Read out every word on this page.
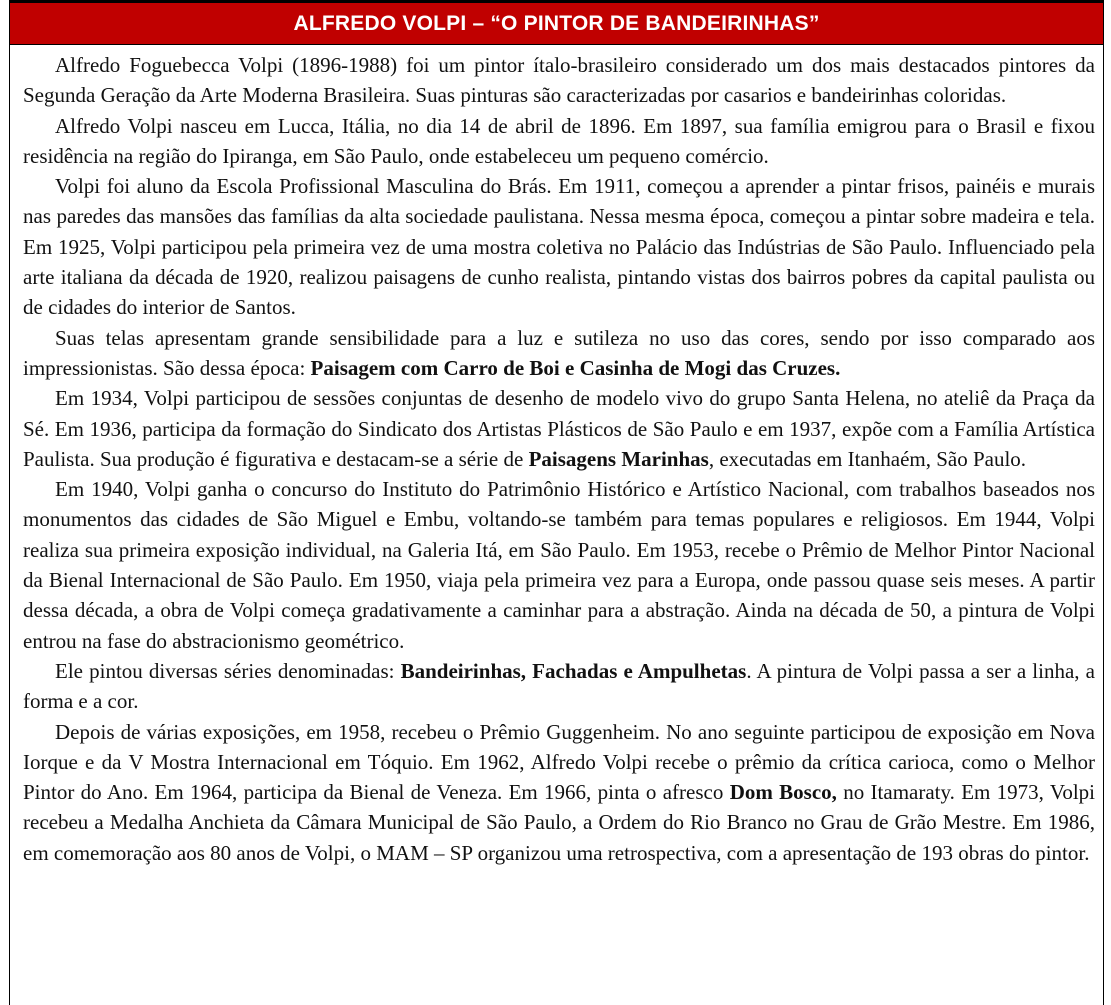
ALFREDO VOLPI – “O PINTOR DE BANDEIRINHAS”

Alfredo Foguebecca Volpi (1896-1988) foi um pintor ítalo-brasileiro considerado um dos mais destacados pintores da Segunda Geração da Arte Moderna Brasileira. Suas pinturas são caracterizadas por casarios e bandeirinhas coloridas.

Alfredo Volpi nasceu em Lucca, Itália, no dia 14 de abril de 1896. Em 1897, sua família emigrou para o Brasil e fixou residência na região do Ipiranga, em São Paulo, onde estabeleceu um pequeno comércio.

Volpi foi aluno da Escola Profissional Masculina do Brás. Em 1911, começou a aprender a pintar frisos, painéis e murais nas paredes das mansões das famílias da alta sociedade paulistana. Nessa mesma época, começou a pintar sobre madeira e tela. Em 1925, Volpi participou pela primeira vez de uma mostra coletiva no Palácio das Indústrias de São Paulo. Influenciado pela arte italiana da década de 1920, realizou paisagens de cunho realista, pintando vistas dos bairros pobres da capital paulista ou de cidades do interior de Santos.

Suas telas apresentam grande sensibilidade para a luz e sutileza no uso das cores, sendo por isso comparado aos impressionistas. São dessa época: Paisagem com Carro de Boi e Casinha de Mogi das Cruzes.

Em 1934, Volpi participou de sessões conjuntas de desenho de modelo vivo do grupo Santa Helena, no ateliê da Praça da Sé. Em 1936, participa da formação do Sindicato dos Artistas Plásticos de São Paulo e em 1937, expõe com a Família Artística Paulista. Sua produção é figurativa e destacam-se a série de Paisagens Marinhas, executadas em Itanhaém, São Paulo.

Em 1940, Volpi ganha o concurso do Instituto do Patrimônio Histórico e Artístico Nacional, com trabalhos baseados nos monumentos das cidades de São Miguel e Embu, voltando-se também para temas populares e religiosos. Em 1944, Volpi realiza sua primeira exposição individual, na Galeria Itá, em São Paulo. Em 1953, recebe o Prêmio de Melhor Pintor Nacional da Bienal Internacional de São Paulo. Em 1950, viaja pela primeira vez para a Europa, onde passou quase seis meses. A partir dessa década, a obra de Volpi começa gradativamente a caminhar para a abstração. Ainda na década de 50, a pintura de Volpi entrou na fase do abstracionismo geométrico.

Ele pintou diversas séries denominadas: Bandeirinhas, Fachadas e Ampulhetas. A pintura de Volpi passa a ser a linha, a forma e a cor.

Depois de várias exposições, em 1958, recebeu o Prêmio Guggenheim. No ano seguinte participou de exposição em Nova Iorque e da V Mostra Internacional em Tóquio. Em 1962, Alfredo Volpi recebe o prêmio da crítica carioca, como o Melhor Pintor do Ano. Em 1964, participa da Bienal de Veneza. Em 1966, pinta o afresco Dom Bosco, no Itamaraty. Em 1973, Volpi recebeu a Medalha Anchieta da Câmara Municipal de São Paulo, a Ordem do Rio Branco no Grau de Grão Mestre. Em 1986, em comemoração aos 80 anos de Volpi, o MAM – SP organizou uma retrospectiva, com a apresentação de 193 obras do pintor.
